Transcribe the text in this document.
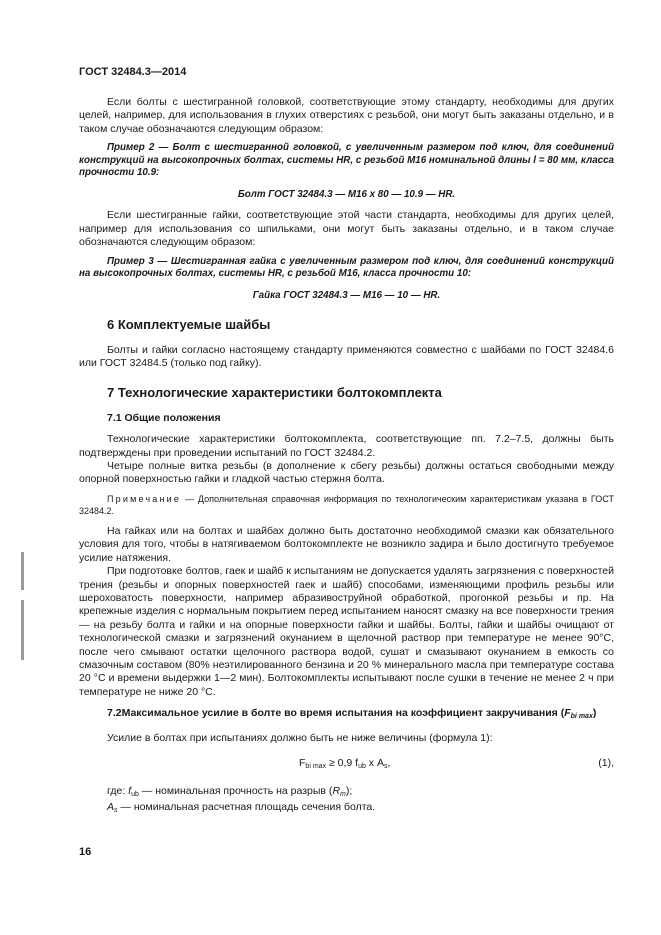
ГОСТ 32484.3—2014

Если болты с шестигранной головкой, соответствующие этому стандарту, необходимы для других целей, например, для использования в глухих отверстиях с резьбой, они могут быть заказаны отдельно, и в таком случае обозначаются следующим образом:

Пример 2 — Болт с шестигранной головкой, с увеличенным размером под ключ, для соединений конструкций на высокопрочных болтах, системы HR, с резьбой M16 номинальной длины l = 80 мм, класса прочности 10.9:

Болт ГОСТ 32484.3 — М16 х 80 — 10.9 — HR.

Если шестигранные гайки, соответствующие этой части стандарта, необходимы для других целей, например для использования со шпильками, они могут быть заказаны отдельно, и в таком случае обозначаются следующим образом:

Пример 3 — Шестигранная гайка с увеличенным размером под ключ, для соединений конструкций на высокопрочных болтах, системы HR, с резьбой M16, класса прочности 10:

Гайка ГОСТ 32484.3 — М16 — 10 — HR.

6 Комплектуемые шайбы

Болты и гайки согласно настоящему стандарту применяются совместно с шайбами по ГОСТ 32484.6 или ГОСТ 32484.5 (только под гайку).

7 Технологические характеристики болтокомплекта
7.1 Общие положения

Технологические характеристики болтокомплекта, соответствующие пп. 7.2–7.5, должны быть подтверждены при проведении испытаний по ГОСТ 32484.2.

Четыре полные витка резьбы (в дополнение к сбегу резьбы) должны остаться свободными между опорной поверхностью гайки и гладкой частью стержня болта.

Примечание — Дополнительная справочная информация по технологическим характеристикам указана в ГОСТ 32484.2.

На гайках или на болтах и шайбах должно быть достаточно необходимой смазки как обязательного условия для того, чтобы в натягиваемом болтокомплекте не возникло задира и было достигнуто требуемое усилие натяжения.

При подготовке болтов, гаек и шайб к испытаниям не допускается удалять загрязнения с поверхностей трения (резьбы и опорных поверхностей гаек и шайб) способами, изменяющими профиль резьбы или шероховатость поверхности, например абразивоструйной обработкой, прогонкой резьбы и пр. На крепежные изделия с нормальным покрытием перед испытанием наносят смазку на все поверхности трения — на резьбу болта и гайки и на опорные поверхности гайки и шайбы. Болты, гайки и шайбы очищают от технологической смазки и загрязнений окунанием в щелочной раствор при температуре не менее 90°С, после чего смывают остатки щелочного раствора водой, сушат и смазывают окунанием в емкость со смазочным составом (80% неэтилированного бензина и 20 % минерального масла при температуре состава 20 °С и времени выдержки 1—2 мин). Болтокомплекты испытывают после сушки в течение не менее 2 ч при температуре не ниже 20 °С.

7.2Максимальное усилие в болте во время испытания на коэффициент закручивания $(F_{bi max})$

Усилие в болтах при испытаниях должно быть не ниже величины (формула 1):

$F_{bi max} \ge 0,9$ $f_{ub}$ х $A_s$,	(1),

где: $f_{ub}$ — номинальная прочность на разрыв $(R_m)$;

$A_s$ — номинальная расчетная площадь сечения болта.

16
